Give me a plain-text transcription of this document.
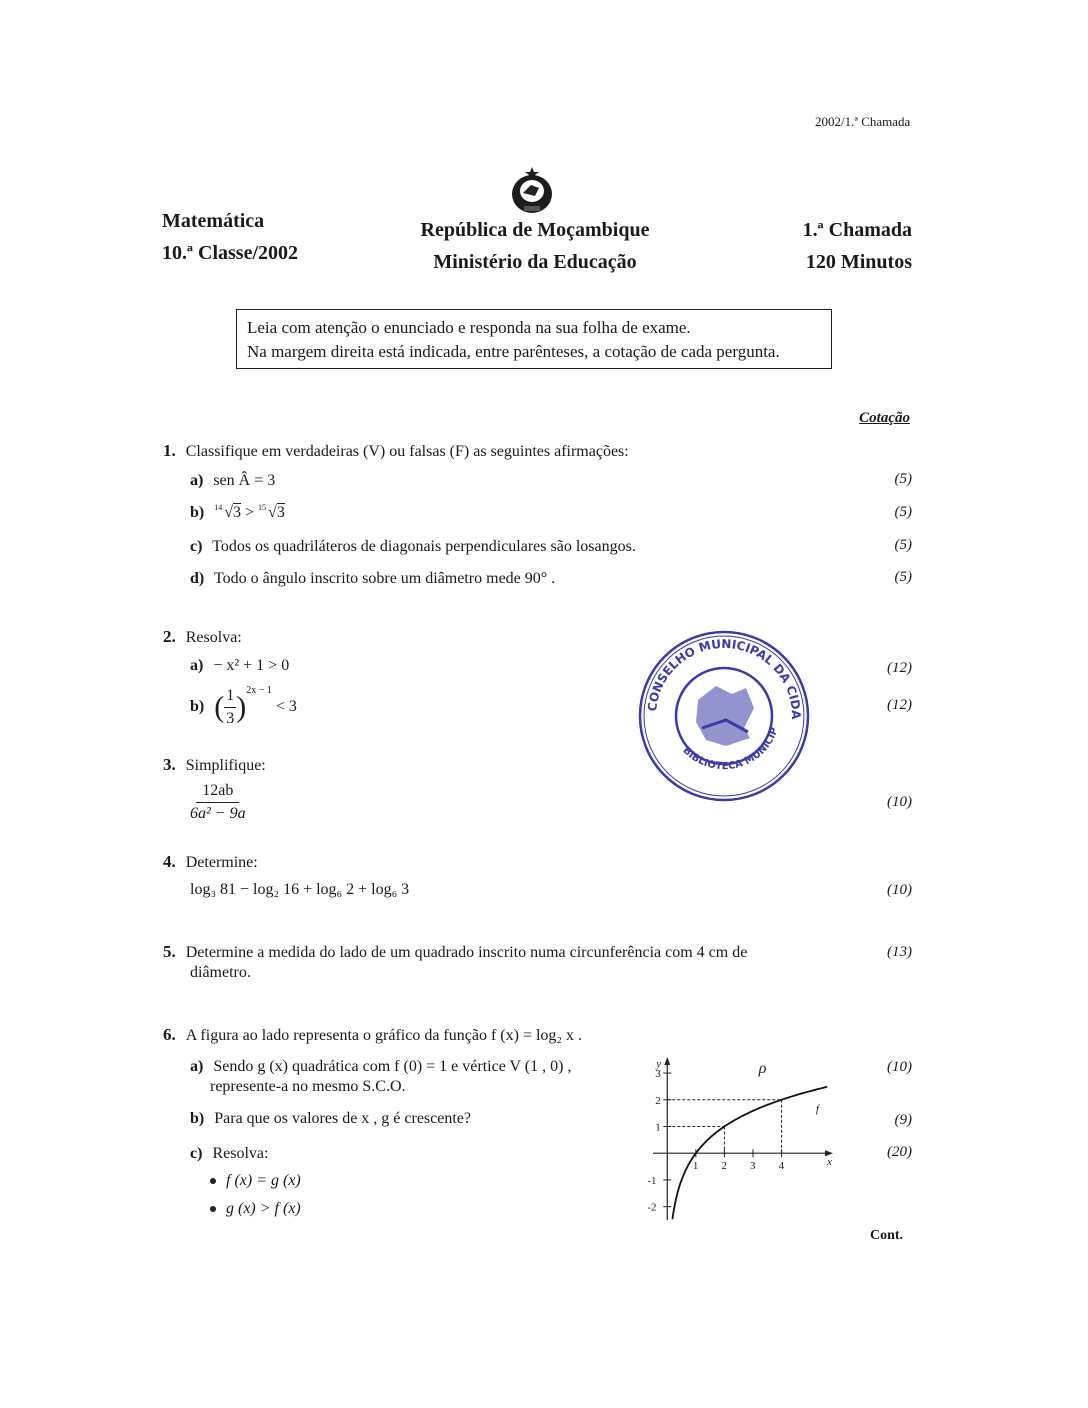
2002/1.ª Chamada
Matemática
10.ª Classe/2002
República de Moçambique
Ministério da Educação
1.ª Chamada
120 Minutos
Leia com atenção o enunciado e responda na sua folha de exame.
Na margem direita está indicada, entre parênteses, a cotação de cada pergunta.
Cotação
1. Classifique em verdadeiras (V) ou falsas (F) as seguintes afirmações:
a) sen Â = 3	(5)
b) 14 √3 > 15 √3	(5)
c) Todos os quadriláteros de diagonais perpendiculares são losangos.	(5)
d) Todo o ângulo inscrito sobre um diâmetro mede 90° .	(5)
2. Resolva:
a) − x² + 1 > 0	(12)
b) ( $\frac{1}{3} )^{2x - 1} < 3$	(12)
CONSELHO MUNICIPAL DA CIDA
BIBLIOTECA MUNICIP
3. Simplifique:
$\frac{12ab}{\text{6a² − 9a}}$	(10)
4. Determine:
log₃ 81 − log₂ 16 + log₆ 2 + log₆ 3	(10)
5. Determine a medida do lado de um quadrado inscrito numa circunferência com 4 cm de
diâmetro.
(13)
6. A figura ao lado representa o gráfico da função f (x) = log₂ x .
a) Sendo g (x) quadrática com f (0) = 1 e vértice V (1 , 0) ,
represente-a no mesmo S.C.O.
(10)
b) Para que os valores de x , g é crescente?	(9)
c) Resolva:	(20)
f (x) = g (x)
g (x) > f (x)
x
y
1 2 3 4
-2
-1
1
2
3
f
ρ
Cont.
